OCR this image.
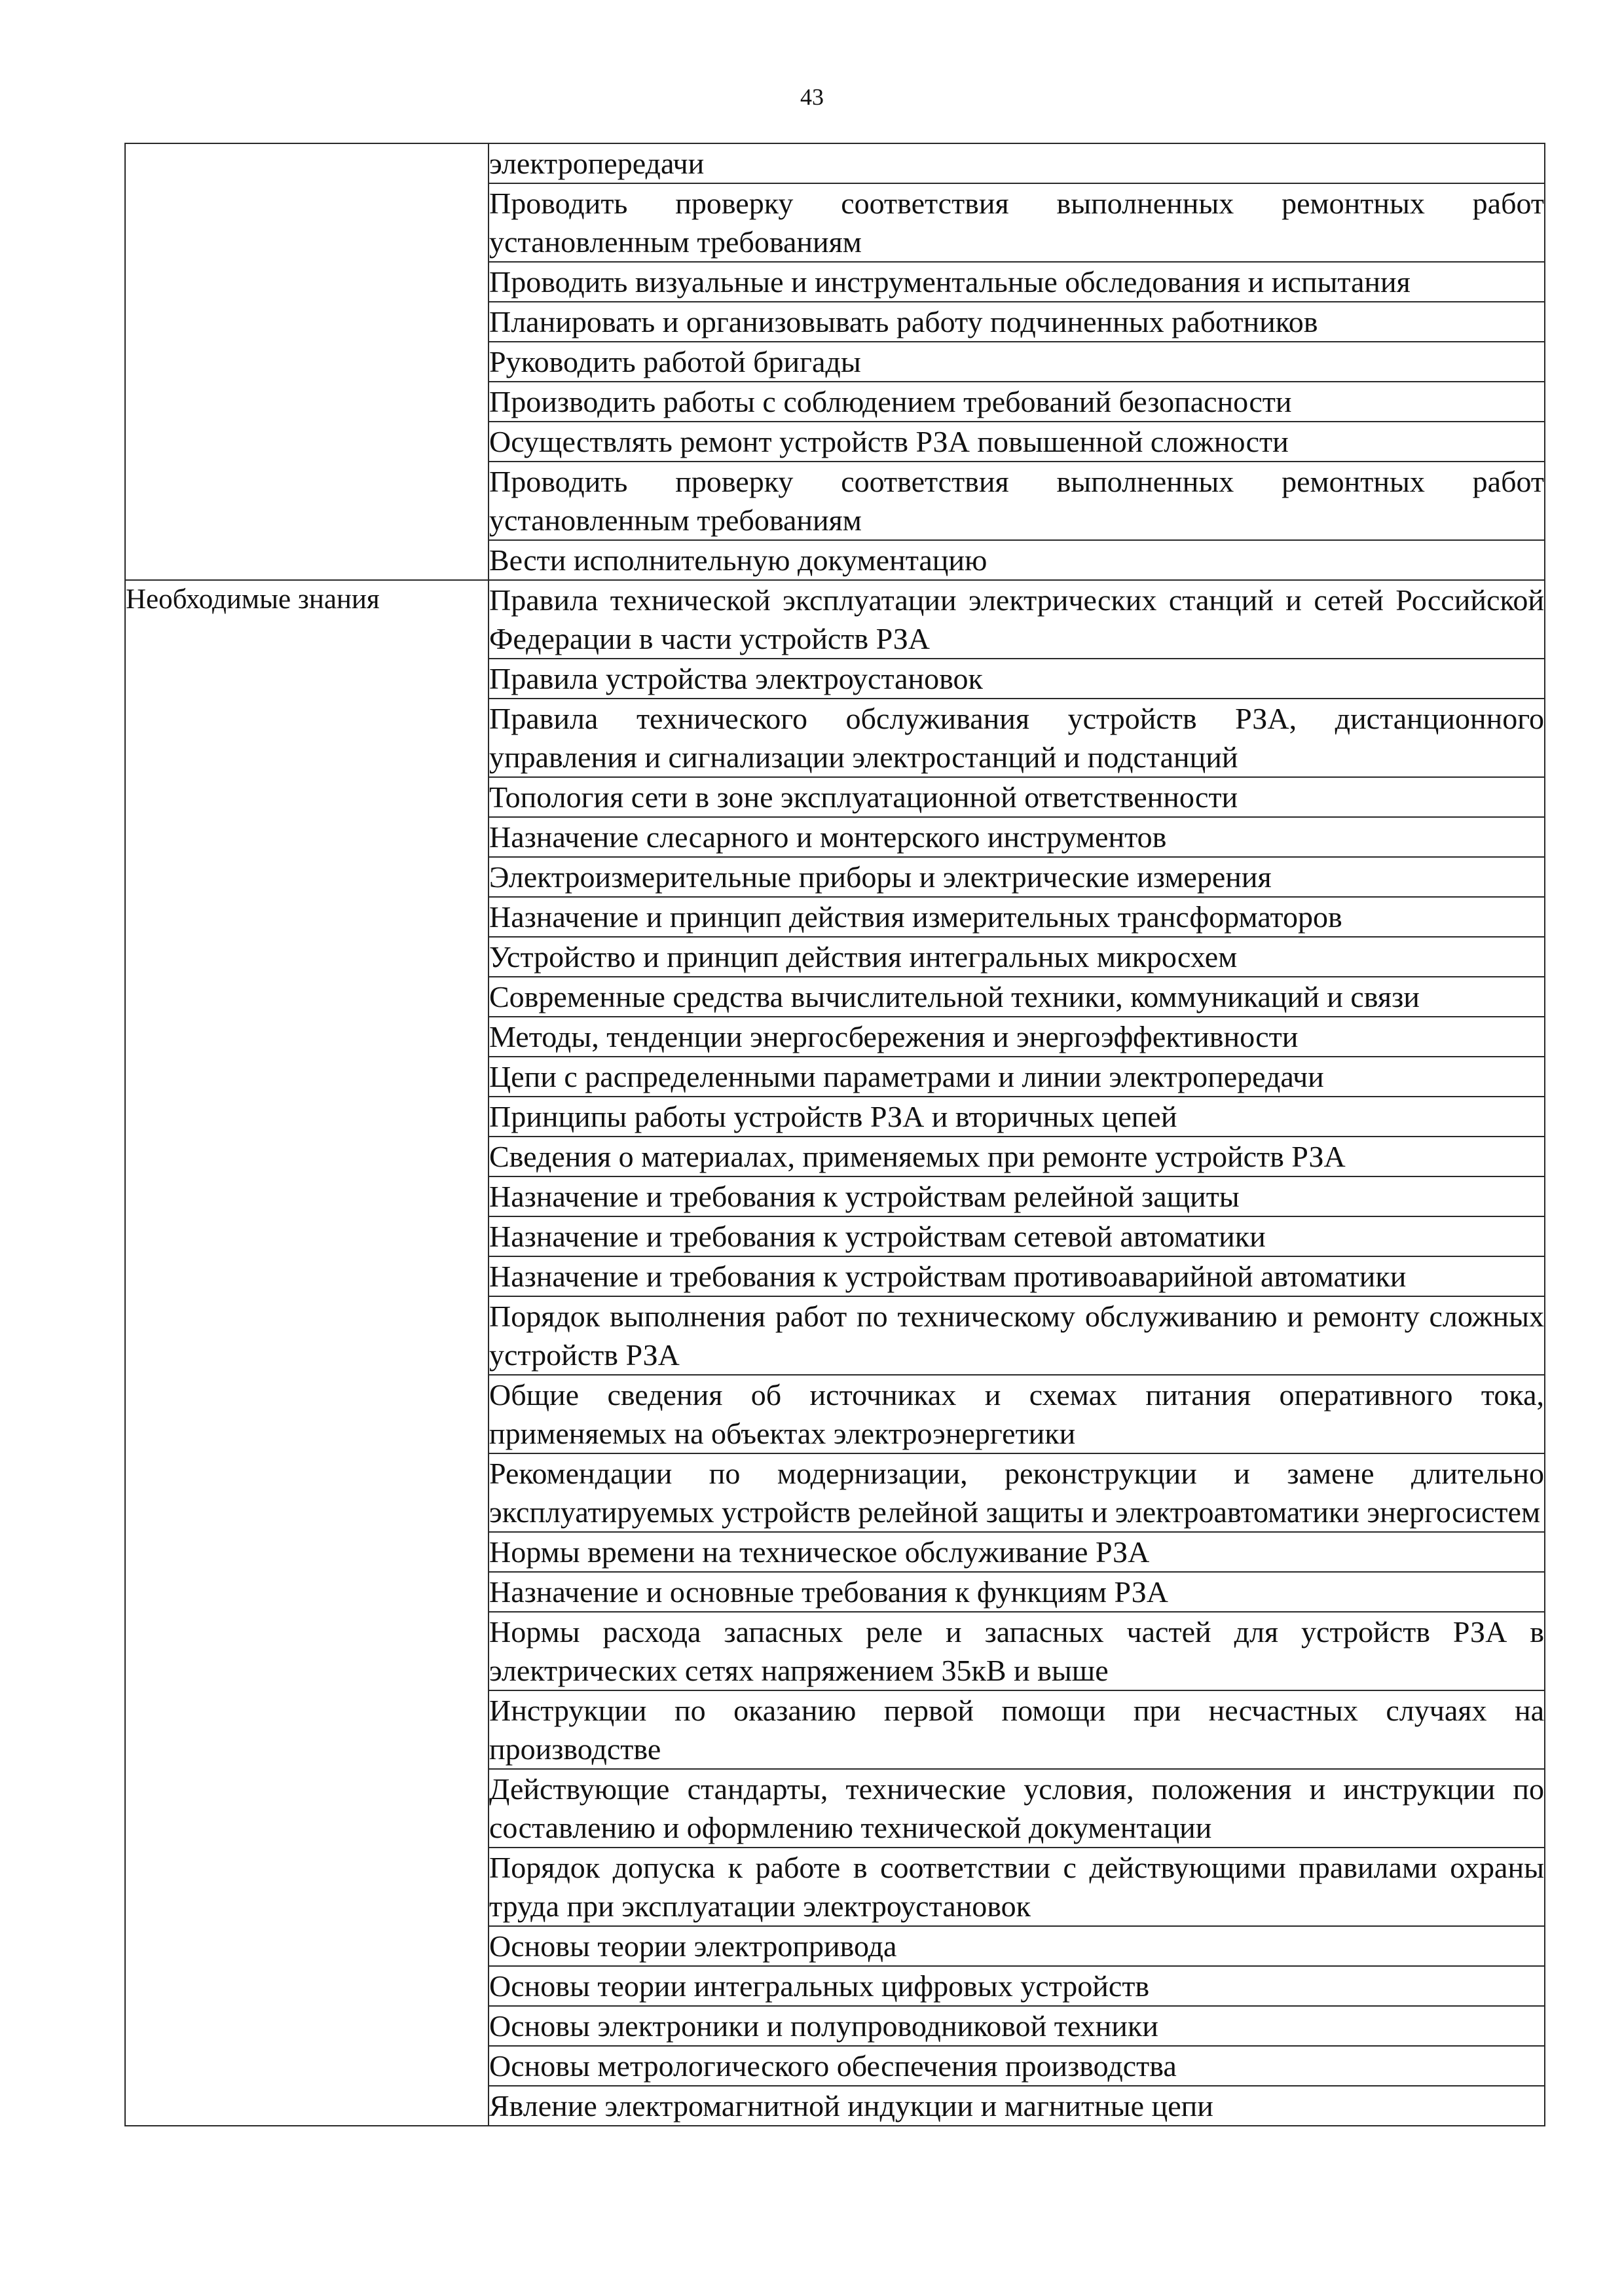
43
	электропередачи
	Проводить проверку соответствия выполненных ремонтных работ установленным требованиям
	Проводить визуальные и инструментальные обследования и испытания
	Планировать и организовывать работу подчиненных работников
	Руководить работой бригады
	Производить работы с соблюдением требований безопасности
	Осуществлять ремонт устройств РЗА повышенной сложности
	Проводить проверку соответствия выполненных ремонтных работ установленным требованиям
	Вести исполнительную документацию
Необходимые знания	Правила технической эксплуатации электрических станций и сетей Российской Федерации в части устройств РЗА
	Правила устройства электроустановок
	Правила технического обслуживания устройств РЗА, дистанционного управления и сигнализации электростанций и подстанций
	Топология сети в зоне эксплуатационной ответственности
	Назначение слесарного и монтерского инструментов
	Электроизмерительные приборы и электрические измерения
	Назначение и принцип действия измерительных трансформаторов
	Устройство и принцип действия интегральных микросхем
	Современные средства вычислительной техники, коммуникаций и связи
	Методы, тенденции энергосбережения и энергоэффективности
	Цепи с распределенными параметрами и линии электропередачи
	Принципы работы устройств РЗА и вторичных цепей
	Сведения о материалах, применяемых при ремонте устройств РЗА
	Назначение и требования к устройствам релейной защиты
	Назначение и требования к устройствам сетевой автоматики
	Назначение и требования к устройствам противоаварийной автоматики
	Порядок выполнения работ по техническому обслуживанию и ремонту сложных устройств РЗА
	Общие сведения об источниках и схемах питания оперативного тока, применяемых на объектах электроэнергетики
	Рекомендации по модернизации, реконструкции и замене длительно эксплуатируемых устройств релейной защиты и электроавтоматики энергосистем
	Нормы времени на техническое обслуживание РЗА
	Назначение и основные требования к функциям РЗА
	Нормы расхода запасных реле и запасных частей для устройств РЗА в электрических сетях напряжением 35кВ и выше
	Инструкции по оказанию первой помощи при несчастных случаях на производстве
	Действующие стандарты, технические условия, положения и инструкции по составлению и оформлению технической документации
	Порядок допуска к работе в соответствии с действующими правилами охраны труда при эксплуатации электроустановок
	Основы теории электропривода
	Основы теории интегральных цифровых устройств
	Основы электроники и полупроводниковой техники
	Основы метрологического обеспечения производства
	Явление электромагнитной индукции и магнитные цепи
